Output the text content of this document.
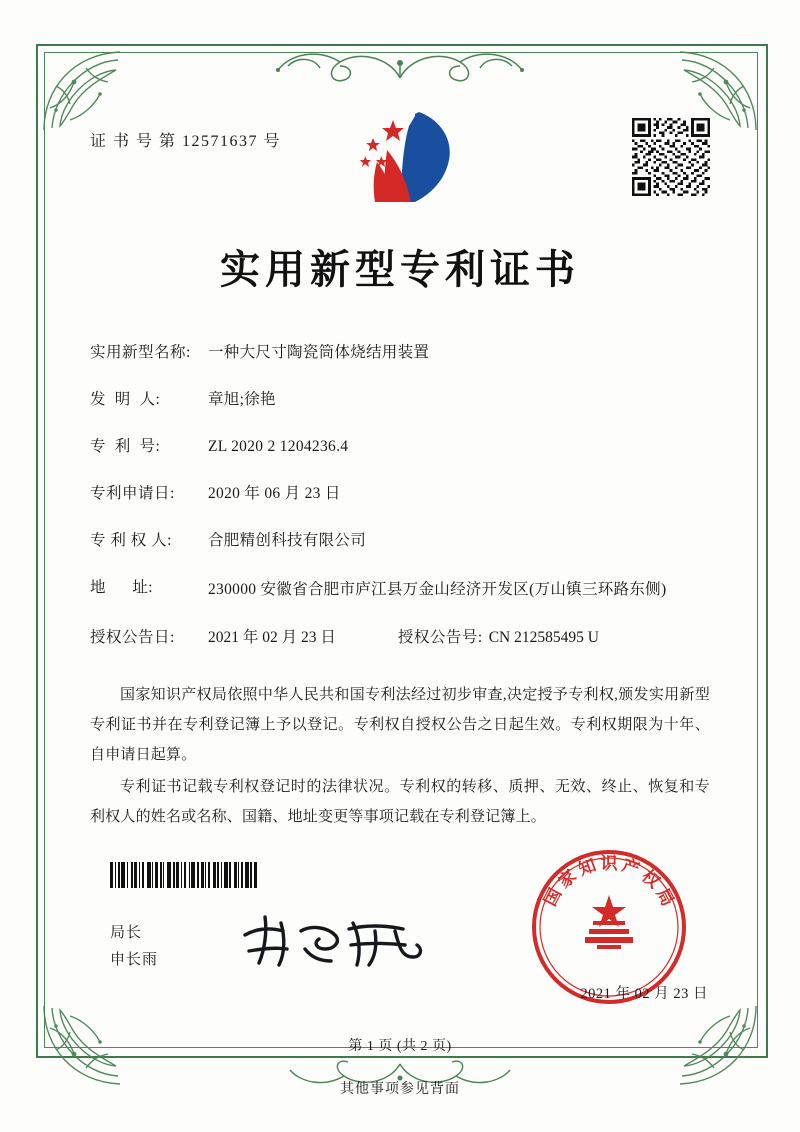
证 书 号 第 12571637 号
实用新型专利证书
实用新型名称:	一种大尺寸陶瓷筒体烧结用装置
发  明  人:	章旭;徐艳
专  利  号:	ZL 2020 2 1204236.4
专利申请日:	2020 年 06 月 23 日
专 利 权 人:	合肥精创科技有限公司
地      址:	230000 安徽省合肥市庐江县万金山经济开发区(万山镇三环路东侧)
授权公告日:	2021 年 02 月 23 日	授权公告号: CN 212585495 U

国家知识产权局依照中华人民共和国专利法经过初步审查,决定授予专利权,颁发实用新型专利证书并在专利登记簿上予以登记。专利权自授权公告之日起生效。专利权期限为十年、自申请日起算。

专利证书记载专利权登记时的法律状况。专利权的转移、质押、无效、终止、恢复和专利权人的姓名或名称、国籍、地址变更等事项记载在专利登记簿上。

局长
申长雨
国
家
知 识 产
权
局
2021 年 02 月 23 日
第 1 页 (共 2 页)
其他事项参见背面
